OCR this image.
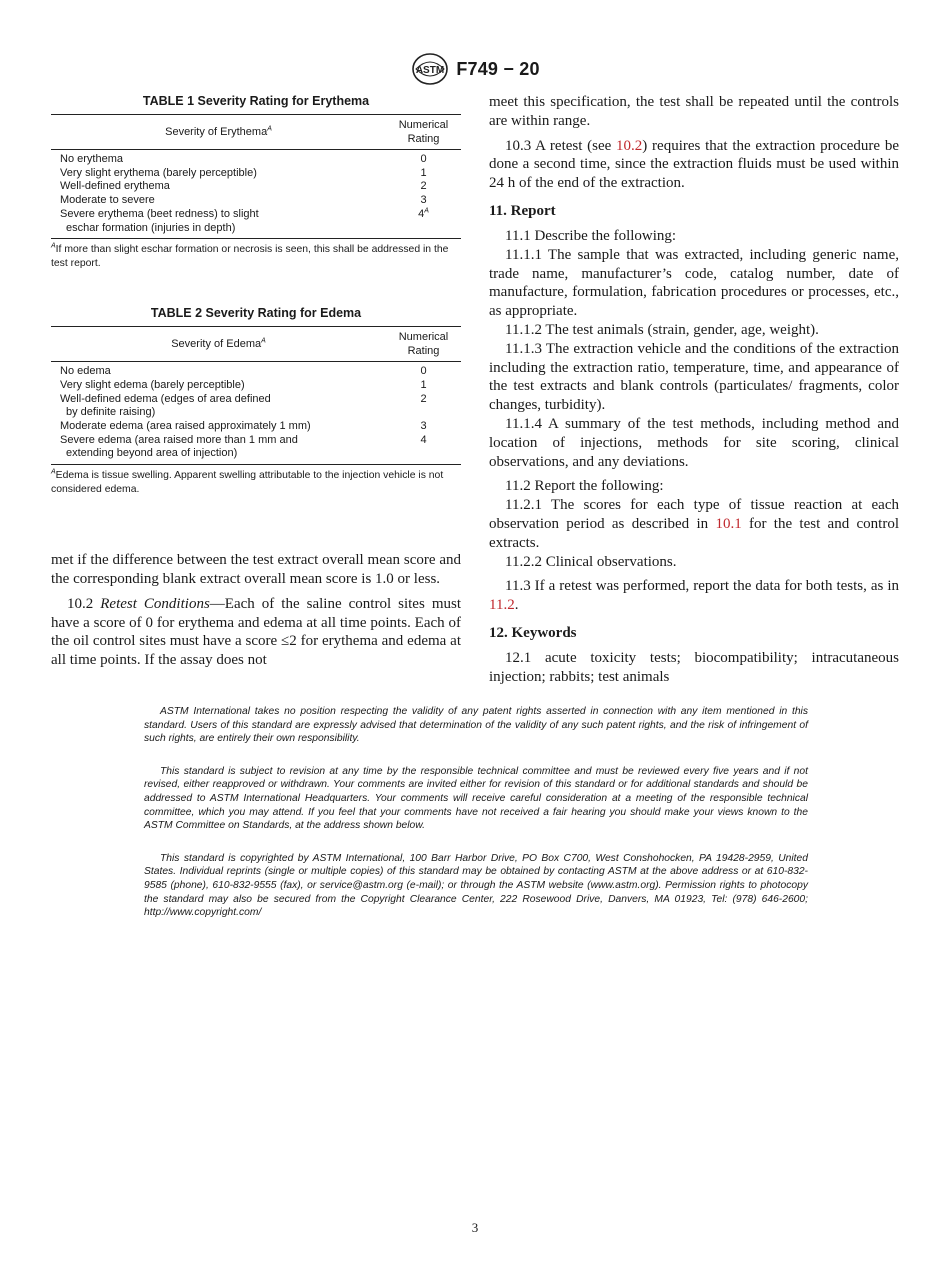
ASTM F749 − 20
TABLE 1 Severity Rating for Erythema
Severity of Erythema$^A$	Numerical
Rating
No erythema	0
Very slight erythema (barely perceptible)	1
Well-defined erythema	2
Moderate to severe	3
Severe erythema (beet redness) to slight
eschar formation (injuries in depth)	$4^A$
$^A$If more than slight eschar formation or necrosis is seen, this shall be addressed in the test report.
TABLE 2 Severity Rating for Edema
Severity of Edema$^A$	Numerical
Rating
No edema	0
Very slight edema (barely perceptible)	1
Well-defined edema (edges of area defined
by definite raising)	2
Moderate edema (area raised approximately 1 mm)	3
Severe edema (area raised more than 1 mm and
extending beyond area of injection)	4
$^A$Edema is tissue swelling. Apparent swelling attributable to the injection vehicle is not considered edema.

met if the difference between the test extract overall mean score and the corresponding blank extract overall mean score is 1.0 or less.

10.2 Retest Conditions—Each of the saline control sites must have a score of 0 for erythema and edema at all time points. Each of the oil control sites must have a score ≤2 for erythema and edema at all time points. If the assay does not

meet this specification, the test shall be repeated until the controls are within range.

10.3 A retest (see 10.2) requires that the extraction procedure be done a second time, since the extraction fluids must be used within 24 h of the end of the extraction.

11. Report

11.1 Describe the following:

11.1.1 The sample that was extracted, including generic name, trade name, manufacturer’s code, catalog number, date of manufacture, formulation, fabrication procedures or processes, etc., as appropriate.

11.1.2 The test animals (strain, gender, age, weight).

11.1.3 The extraction vehicle and the conditions of the extraction including the extraction ratio, temperature, time, and appearance of the test extracts and blank controls (particulates/ fragments, color changes, turbidity).

11.1.4 A summary of the test methods, including method and location of injections, methods for site scoring, clinical observations, and any deviations.

11.2 Report the following:

11.2.1 The scores for each type of tissue reaction at each observation period as described in 10.1 for the test and control extracts.

11.2.2 Clinical observations.

11.3 If a retest was performed, report the data for both tests, as in 11.2.

12. Keywords

12.1 acute toxicity tests; biocompatibility; intracutaneous injection; rabbits; test animals

ASTM International takes no position respecting the validity of any patent rights asserted in connection with any item mentioned in this standard. Users of this standard are expressly advised that determination of the validity of any such patent rights, and the risk of infringement of such rights, are entirely their own responsibility.

This standard is subject to revision at any time by the responsible technical committee and must be reviewed every five years and if not revised, either reapproved or withdrawn. Your comments are invited either for revision of this standard or for additional standards and should be addressed to ASTM International Headquarters. Your comments will receive careful consideration at a meeting of the responsible technical committee, which you may attend. If you feel that your comments have not received a fair hearing you should make your views known to the ASTM Committee on Standards, at the address shown below.

This standard is copyrighted by ASTM International, 100 Barr Harbor Drive, PO Box C700, West Conshohocken, PA 19428-2959, United States. Individual reprints (single or multiple copies) of this standard may be obtained by contacting ASTM at the above address or at 610-832-9585 (phone), 610-832-9555 (fax), or service@astm.org (e-mail); or through the ASTM website (www.astm.org). Permission rights to photocopy the standard may also be secured from the Copyright Clearance Center, 222 Rosewood Drive, Danvers, MA 01923, Tel: (978) 646-2600; http://www.copyright.com/

3
